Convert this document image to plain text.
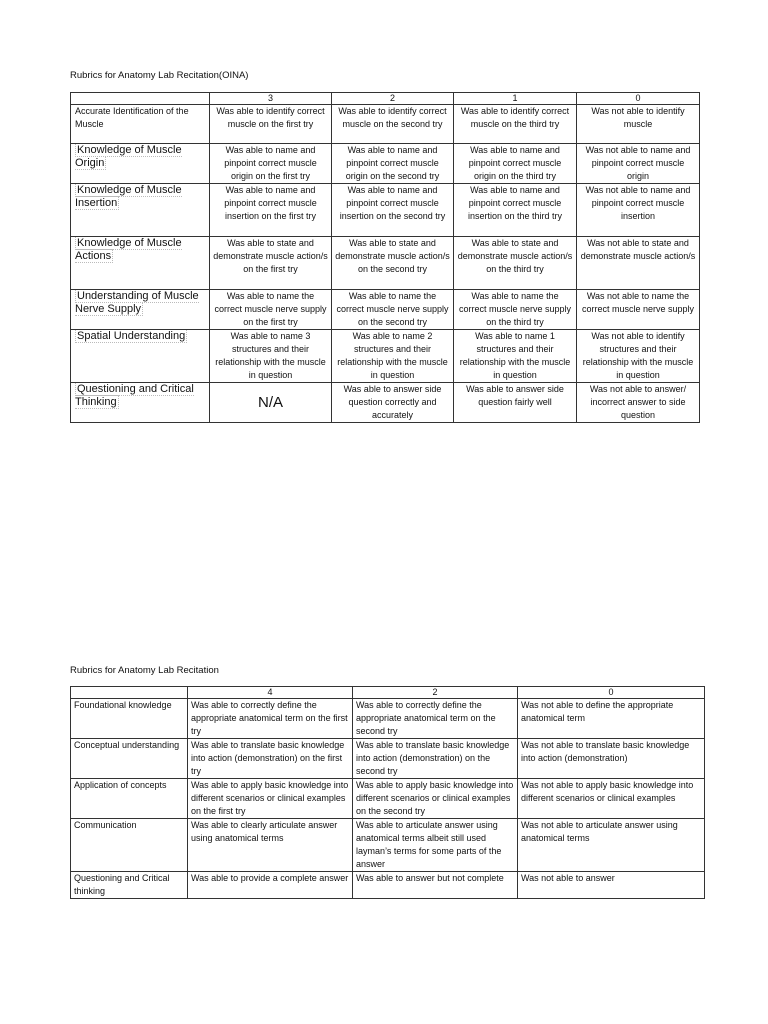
Rubrics for Anatomy Lab Recitation(OINA)
	3	2	1	0
Accurate Identification of the Muscle	Was able to identify correct muscle on the first try	Was able to identify correct muscle on the second try	Was able to identify correct muscle on the third try	Was not able to identify muscle
Knowledge of Muscle Origin	Was able to name and pinpoint correct muscle origin on the first try	Was able to name and pinpoint correct muscle origin on the second try	Was able to name and pinpoint correct muscle origin on the third try	Was not able to name and pinpoint correct muscle origin
Knowledge of Muscle Insertion	Was able to name and pinpoint correct muscle insertion on the first try	Was able to name and pinpoint correct muscle insertion on the second try	Was able to name and pinpoint correct muscle insertion on the third try	Was not able to name and pinpoint correct muscle insertion
Knowledge of Muscle Actions	Was able to state and demonstrate muscle action/s on the first try	Was able to state and demonstrate muscle action/s on the second try	Was able to state and demonstrate muscle action/s on the third try	Was not able to state and demonstrate muscle action/s
Understanding of Muscle Nerve Supply	Was able to name the correct muscle nerve supply on the first try	Was able to name the correct muscle nerve supply on the second try	Was able to name the correct muscle nerve supply on the third try	Was not able to name the correct muscle nerve supply
Spatial Understanding	Was able to name 3 structures and their relationship with the muscle in question	Was able to name 2 structures and their relationship with the muscle in question	Was able to name 1 structures and their relationship with the muscle in question	Was not able to identify structures and their relationship with the muscle in question
Questioning and Critical Thinking	N/A	Was able to answer side question correctly and accurately	Was able to answer side question fairly well	Was not able to answer/ incorrect answer to side question
Rubrics for Anatomy Lab Recitation
	4	2	0
Foundational knowledge	Was able to correctly define the appropriate anatomical term on the first try	Was able to correctly define the appropriate anatomical term on the second try	Was not able to define the appropriate anatomical term
Conceptual understanding	Was able to translate basic knowledge into action (demonstration) on the first try	Was able to translate basic knowledge into action (demonstration) on the second try	Was not able to translate basic knowledge into action (demonstration)
Application of concepts	Was able to apply basic knowledge into different scenarios or clinical examples on the first try	Was able to apply basic knowledge into different scenarios or clinical examples on the second try	Was not able to apply basic knowledge into different scenarios or clinical examples
Communication	Was able to clearly articulate answer using anatomical terms	Was able to articulate answer using anatomical terms albeit still used layman’s terms for some parts of the answer	Was not able to articulate answer using anatomical terms
Questioning and Critical thinking	Was able to provide a complete answer	Was able to answer but not complete	Was not able to answer
